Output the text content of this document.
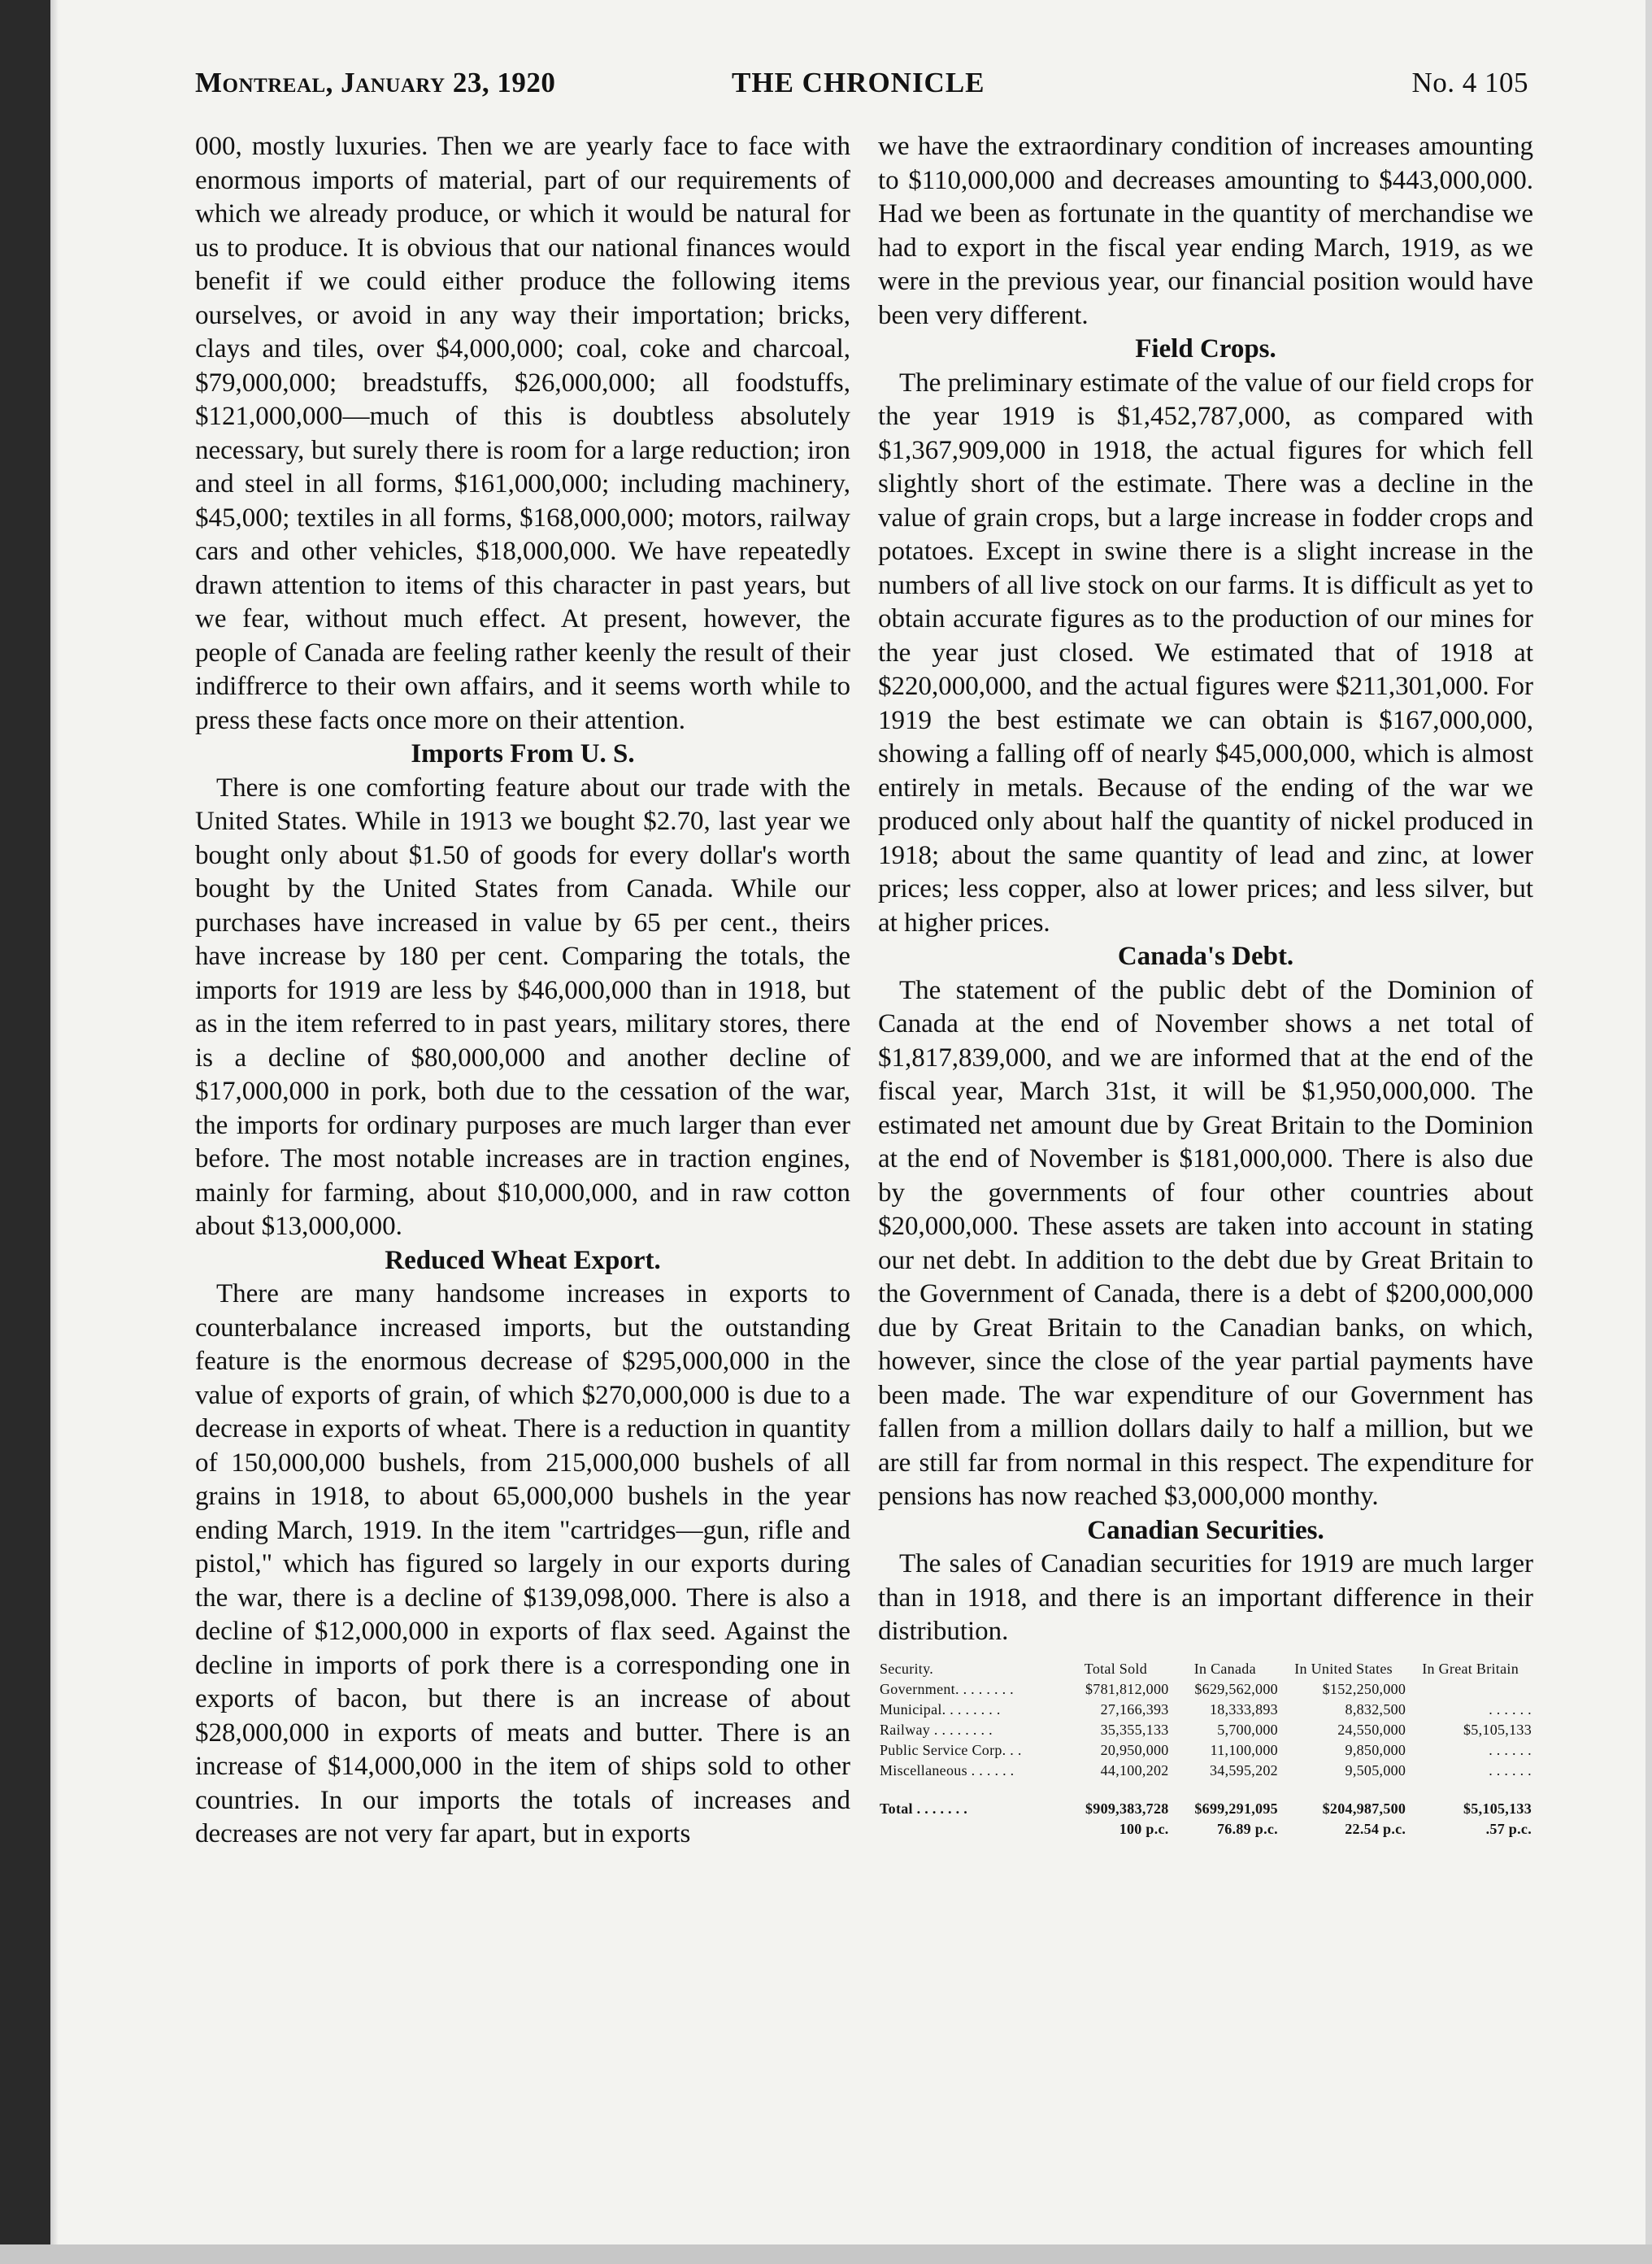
Montreal, January 23, 1920	THE CHRONICLE	No. 4 105

000, mostly luxuries. Then we are yearly face to face with enormous imports of material, part of our requirements of which we already produce, or which it would be natural for us to produce. It is obvious that our national finances would benefit if we could either produce the following items ourselves, or avoid in any way their importation; bricks, clays and tiles, over $4,000,000; coal, coke and charcoal, $79,000,000; breadstuffs, $26,000,000; all foodstuffs, $121,000,000—much of this is doubtless absolutely necessary, but surely there is room for a large reduction; iron and steel in all forms, $161,000,000; including machinery, $45,000; textiles in all forms, $168,000,000; motors, railway cars and other vehicles, $18,000,000. We have repeatedly drawn attention to items of this character in past years, but we fear, without much effect. At present, however, the people of Canada are feeling rather keenly the result of their indiffrerce to their own affairs, and it seems worth while to press these facts once more on their attention.

Imports From U. S.

There is one comforting feature about our trade with the United States. While in 1913 we bought $2.70, last year we bought only about $1.50 of goods for every dollar's worth bought by the United States from Canada. While our purchases have increased in value by 65 per cent., theirs have increase by 180 per cent. Comparing the totals, the imports for 1919 are less by $46,000,000 than in 1918, but as in the item referred to in past years, military stores, there is a decline of $80,000,000 and another decline of $17,000,000 in pork, both due to the cessation of the war, the imports for ordinary purposes are much larger than ever before. The most notable increases are in traction engines, mainly for farming, about $10,000,000, and in raw cotton about $13,000,000.

Reduced Wheat Export.

There are many handsome increases in exports to counterbalance increased imports, but the outstanding feature is the enormous decrease of $295,000,000 in the value of exports of grain, of which $270,000,000 is due to a decrease in exports of wheat. There is a reduction in quantity of 150,000,000 bushels, from 215,000,000 bushels of all grains in 1918, to about 65,000,000 bushels in the year ending March, 1919. In the item "cartridges—gun, rifle and pistol," which has figured so largely in our exports during the war, there is a decline of $139,098,000. There is also a decline of $12,000,000 in exports of flax seed. Against the decline in imports of pork there is a corresponding one in exports of bacon, but there is an increase of about $28,000,000 in exports of meats and butter. There is an increase of $14,000,000 in the item of ships sold to other countries. In our imports the totals of increases and decreases are not very far apart, but in exports

we have the extraordinary condition of increases amounting to $110,000,000 and decreases amounting to $443,000,000. Had we been as fortunate in the quantity of merchandise we had to export in the fiscal year ending March, 1919, as we were in the previous year, our financial position would have been very different.

Field Crops.

The preliminary estimate of the value of our field crops for the year 1919 is $1,452,787,000, as compared with $1,367,909,000 in 1918, the actual figures for which fell slightly short of the estimate. There was a decline in the value of grain crops, but a large increase in fodder crops and potatoes. Except in swine there is a slight increase in the numbers of all live stock on our farms. It is difficult as yet to obtain accurate figures as to the production of our mines for the year just closed. We estimated that of 1918 at $220,000,000, and the actual figures were $211,301,000. For 1919 the best estimate we can obtain is $167,000,000, showing a falling off of nearly $45,000,000, which is almost entirely in metals. Because of the ending of the war we produced only about half the quantity of nickel produced in 1918; about the same quantity of lead and zinc, at lower prices; less copper, also at lower prices; and less silver, but at higher prices.

Canada's Debt.

The statement of the public debt of the Dominion of Canada at the end of November shows a net total of $1,817,839,000, and we are informed that at the end of the fiscal year, March 31st, it will be $1,950,000,000. The estimated net amount due by Great Britain to the Dominion at the end of November is $181,000,000. There is also due by the governments of four other countries about $20,000,000. These assets are taken into account in stating our net debt. In addition to the debt due by Great Britain to the Government of Canada, there is a debt of $200,000,000 due by Great Britain to the Canadian banks, on which, however, since the close of the year partial payments have been made. The war expenditure of our Government has fallen from a million dollars daily to half a million, but we are still far from normal in this respect. The expenditure for pensions has now reached $3,000,000 monthy.

Canadian Securities.

The sales of Canadian securities for 1919 are much larger than in 1918, and there is an important difference in their distribution.

Security.	Total Sold	In Canada	In United States	In Great Britain
Government. . . . . . . .	$781,812,000	$629,562,000	$152,250,000	
Municipal. . . . . . . .	27,166,393	18,333,893	8,832,500	. . . . . .
Railway . . . . . . . .	35,355,133	5,700,000	24,550,000	$5,105,133
Public Service Corp. . .	20,950,000	11,100,000	9,850,000	. . . . . .
Miscellaneous . . . . . .	44,100,202	34,595,202	9,505,000	. . . . . .
Total . . . . . . .	$909,383,728	$699,291,095	$204,987,500	$5,105,133
	100 p.c.	76.89 p.c.	22.54 p.c.	.57 p.c.
